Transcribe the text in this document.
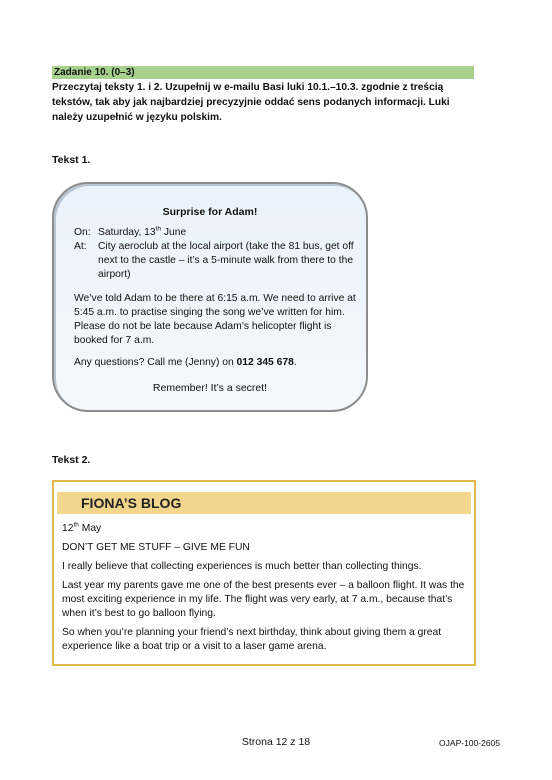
Zadanie 10. (0–3)
Przeczytaj teksty 1. i 2. Uzupełnij w e-mailu Basi luki 10.1.–10.3. zgodnie z treścią tekstów, tak aby jak najbardziej precyzyjnie oddać sens podanych informacji. Luki należy uzupełnić w języku polskim.
Tekst 1.
Surprise for Adam!
On: Saturday, 13th June
At: City aeroclub at the local airport (take the 81 bus, get off next to the castle – it’s a 5-minute walk from there to the airport)
We’ve told Adam to be there at 6:15 a.m. We need to arrive at 5:45 a.m. to practise singing the song we’ve written for him. Please do not be late because Adam’s helicopter flight is booked for 7 a.m.
Any questions? Call me (Jenny) on 012 345 678.
Remember! It’s a secret!
Tekst 2.
FIONA’S BLOG
12th May
DON’T GET ME STUFF – GIVE ME FUN
I really believe that collecting experiences is much better than collecting things.
Last year my parents gave me one of the best presents ever – a balloon flight. It was the most exciting experience in my life. The flight was very early, at 7 a.m., because that’s when it’s best to go balloon flying.
So when you’re planning your friend’s next birthday, think about giving them a great experience like a boat trip or a visit to a laser game arena.
Strona 12 z 18	OJAP-100-2605
